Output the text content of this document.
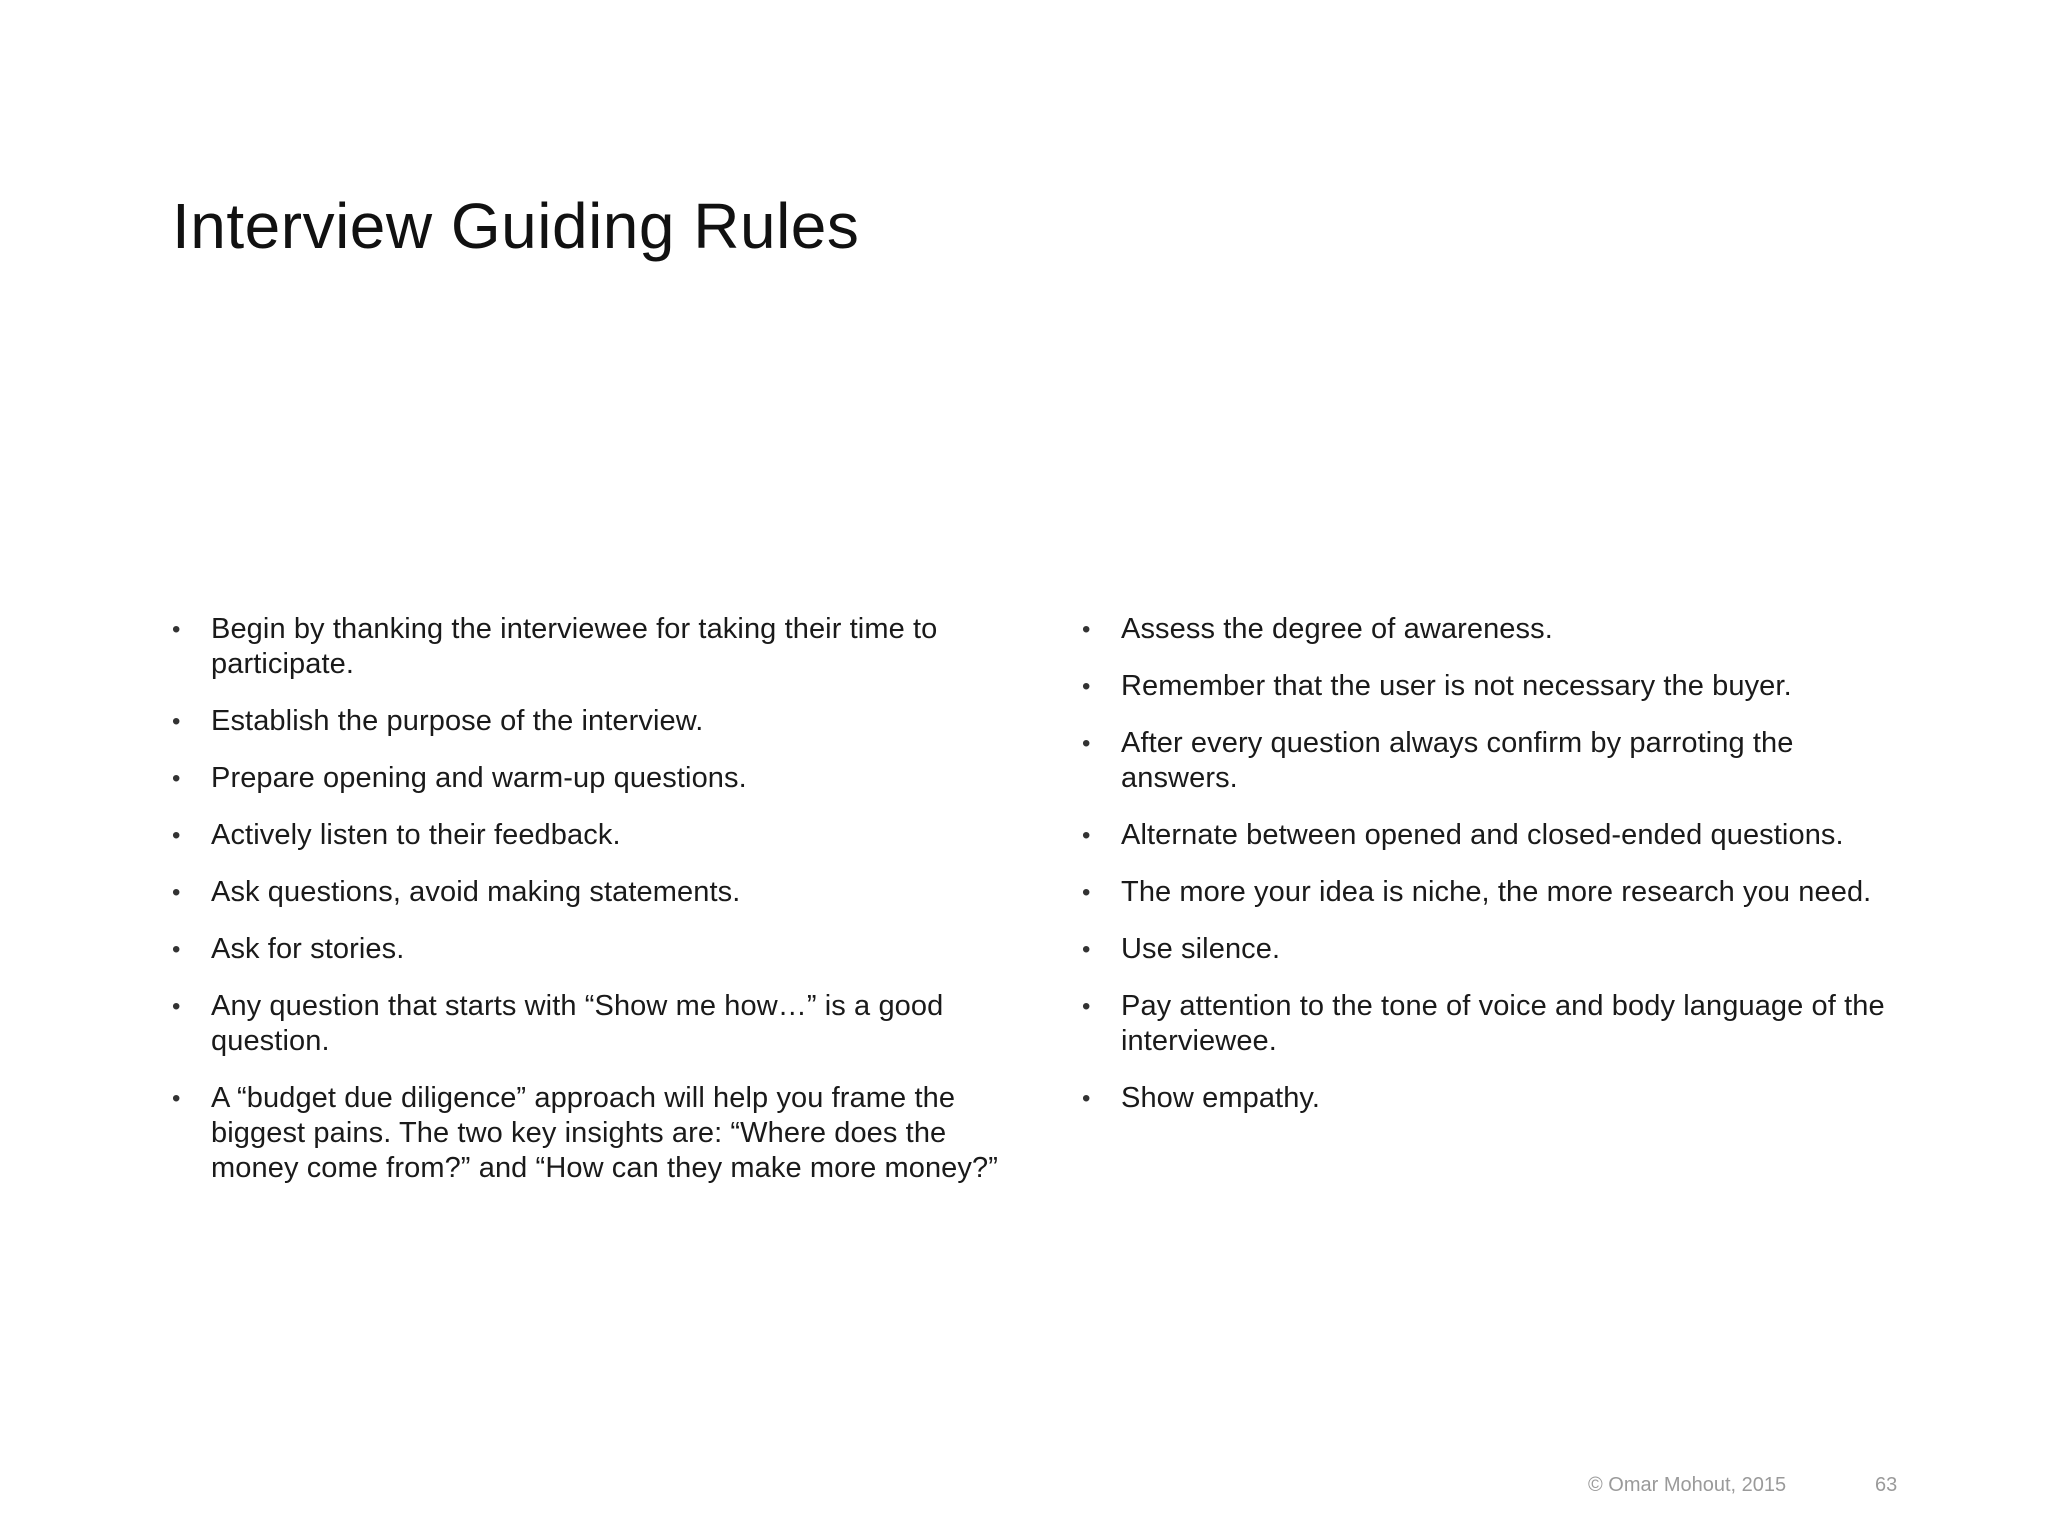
Interview Guiding Rules
• Begin by thanking the interviewee for taking their time to participate.
• Establish the purpose of the interview.
• Prepare opening and warm-up questions.
• Actively listen to their feedback.
• Ask questions, avoid making statements.
• Ask for stories.
• Any question that starts with “Show me how…” is a good question.
• A “budget due diligence” approach will help you frame the biggest pains. The two key insights are: “Where does the money come from?” and “How can they make more money?”
• Assess the degree of awareness.
• Remember that the user is not necessary the buyer.
• After every question always confirm by parroting the answers.
• Alternate between opened and closed-ended questions.
• The more your idea is niche, the more research you need.
• Use silence.
• Pay attention to the tone of voice and body language of the interviewee.
• Show empathy.
© Omar Mohout, 2015	63
